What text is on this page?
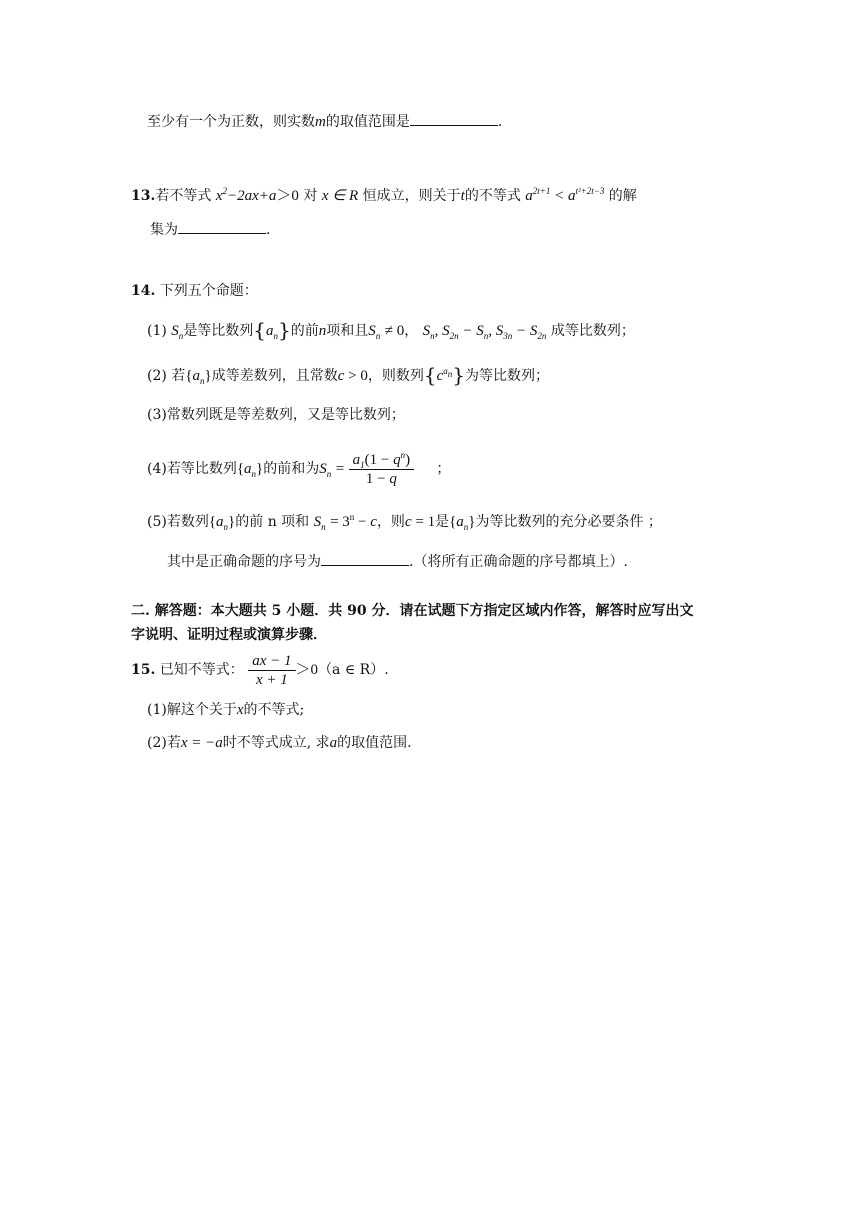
至少有一个为正数，则实数m的取值范围是	.
13.若不等式 $x^2-2ax+a>0$ 对 x ∈ R 恒成立，则关于t的不等式 $a^{2t+1} < a^{t^2+2t-3}$ 的解
集为	.
14. 下列五个命题：
(1) $S_n$是等比数列$\{a_n\}$的前n项和且$S_n \ne 0$， $S_n$, $S_{2n} - S_n$, $S_{3n} - S_{2n}$ 成等比数列；
(2) 若$\{a_n\}$成等差数列，且常数c > 0，则数列$\{c^{a_n}\}$为等比数列；
(3)常数列既是等差数列，又是等比数列；
(4)若等比数列$\{a_n\}$的前和为$S_n = \frac{a_1(1 - q^n)}{1 - q}$ ；
(5)若数列$\{a_n\}$的前 n 项和 $S_n = 3^n - c$，则c = 1是$\{a_n\}$为等比数列的充分必要条件 ；
其中是正确命题的序号为	.（将所有正确命题的序号都填上）.
二. 解答题：本大题共 5 小题．共 90 分．请在试题下方指定区域内作答，解答时应写出文
字说明、证明过程或演算步骤．
15. 已知不等式： $\frac{ax - 1}{x + 1} >0(a$ ∈ R）.
(1)解这个关于x的不等式;
(2)若x = −a时不等式成立, 求a的取值范围.
